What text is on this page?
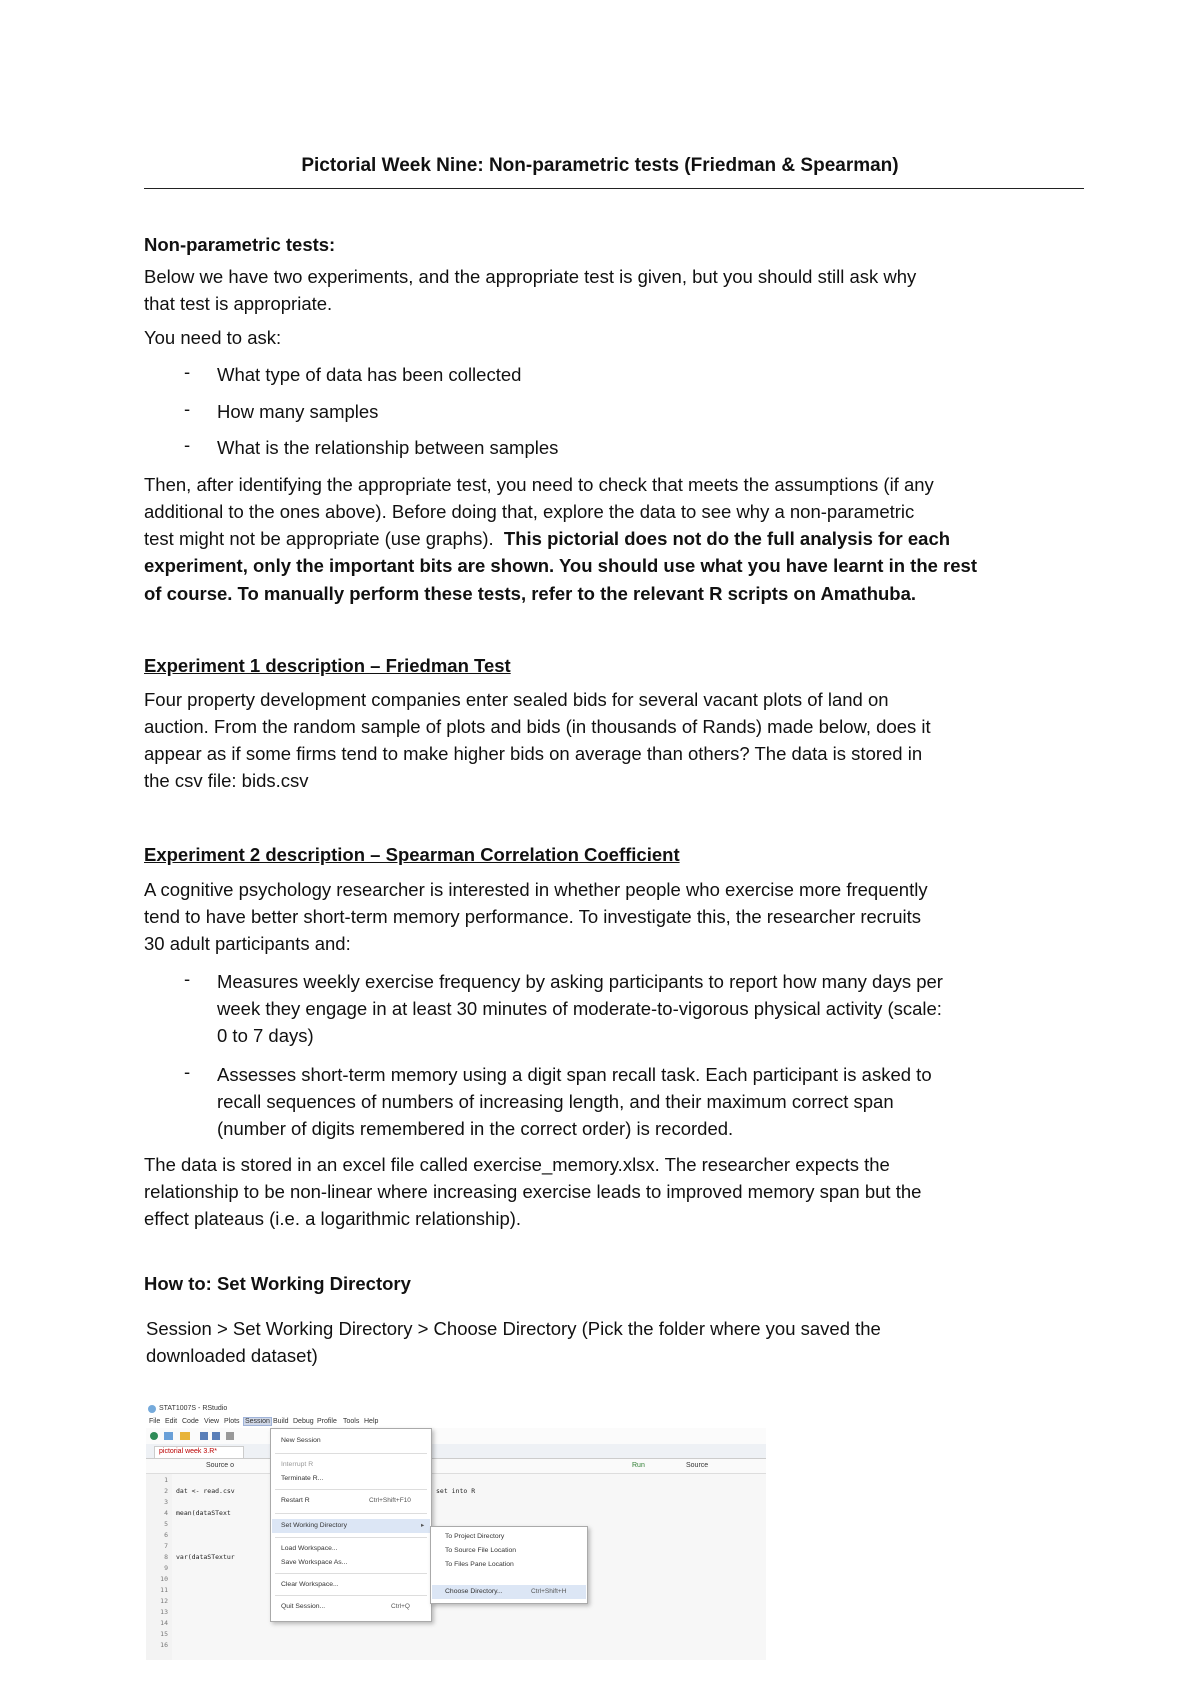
Pictorial Week Nine: Non-parametric tests (Friedman & Spearman)

Non-parametric tests:

Below we have two experiments, and the appropriate test is given, but you should still ask why

that test is appropriate.

You need to ask:

- What type of data has been collected
- How many samples
- What is the relationship between samples

Then, after identifying the appropriate test, you need to check that meets the assumptions (if any

additional to the ones above). Before doing that, explore the data to see why a non-parametric

test might not be appropriate (use graphs). This pictorial does not do the full analysis for each

experiment, only the important bits are shown. You should use what you have learnt in the rest

of course. To manually perform these tests, refer to the relevant R scripts on Amathuba.

Experiment 1 description – Friedman Test

Four property development companies enter sealed bids for several vacant plots of land on

auction. From the random sample of plots and bids (in thousands of Rands) made below, does it

appear as if some firms tend to make higher bids on average than others? The data is stored in

the csv file: bids.csv

Experiment 2 description – Spearman Correlation Coefficient

A cognitive psychology researcher is interested in whether people who exercise more frequently

tend to have better short-term memory performance. To investigate this, the researcher recruits

30 adult participants and:

- Measures weekly exercise frequency by asking participants to report how many days per
week they engage in at least 30 minutes of moderate-to-vigorous physical activity (scale:
0 to 7 days)
- Assesses short-term memory using a digit span recall task. Each participant is asked to
recall sequences of numbers of increasing length, and their maximum correct span
(number of digits remembered in the correct order) is recorded.

The data is stored in an excel file called exercise_memory.xlsx. The researcher expects the

relationship to be non-linear where increasing exercise leads to improved memory span but the

effect plateaus (i.e. a logarithmic relationship).

How to: Set Working Directory

Session > Set Working Directory > Choose Directory (Pick the folder where you saved the

downloaded dataset)

STAT1007S - RStudio
File Edit Code View Plots Session Build Debug Profile Tools Help
pictorial week 3.R*
Source o	Run	Source
1
2
3
4
5
6
7
8
9
10
11
12
13
14
15
16
dat <- read.csv	set into R
mean(dataSText
var(dataSTextur
New Session
Interrupt R
Terminate R...
Restart R	Ctrl+Shift+F10
Set Working Directory	▸
Load Workspace...
Save Workspace As...
Clear Workspace...
Quit Session...	Ctrl+Q
To Project Directory
To Source File Location
To Files Pane Location
Choose Directory...	Ctrl+Shift+H
